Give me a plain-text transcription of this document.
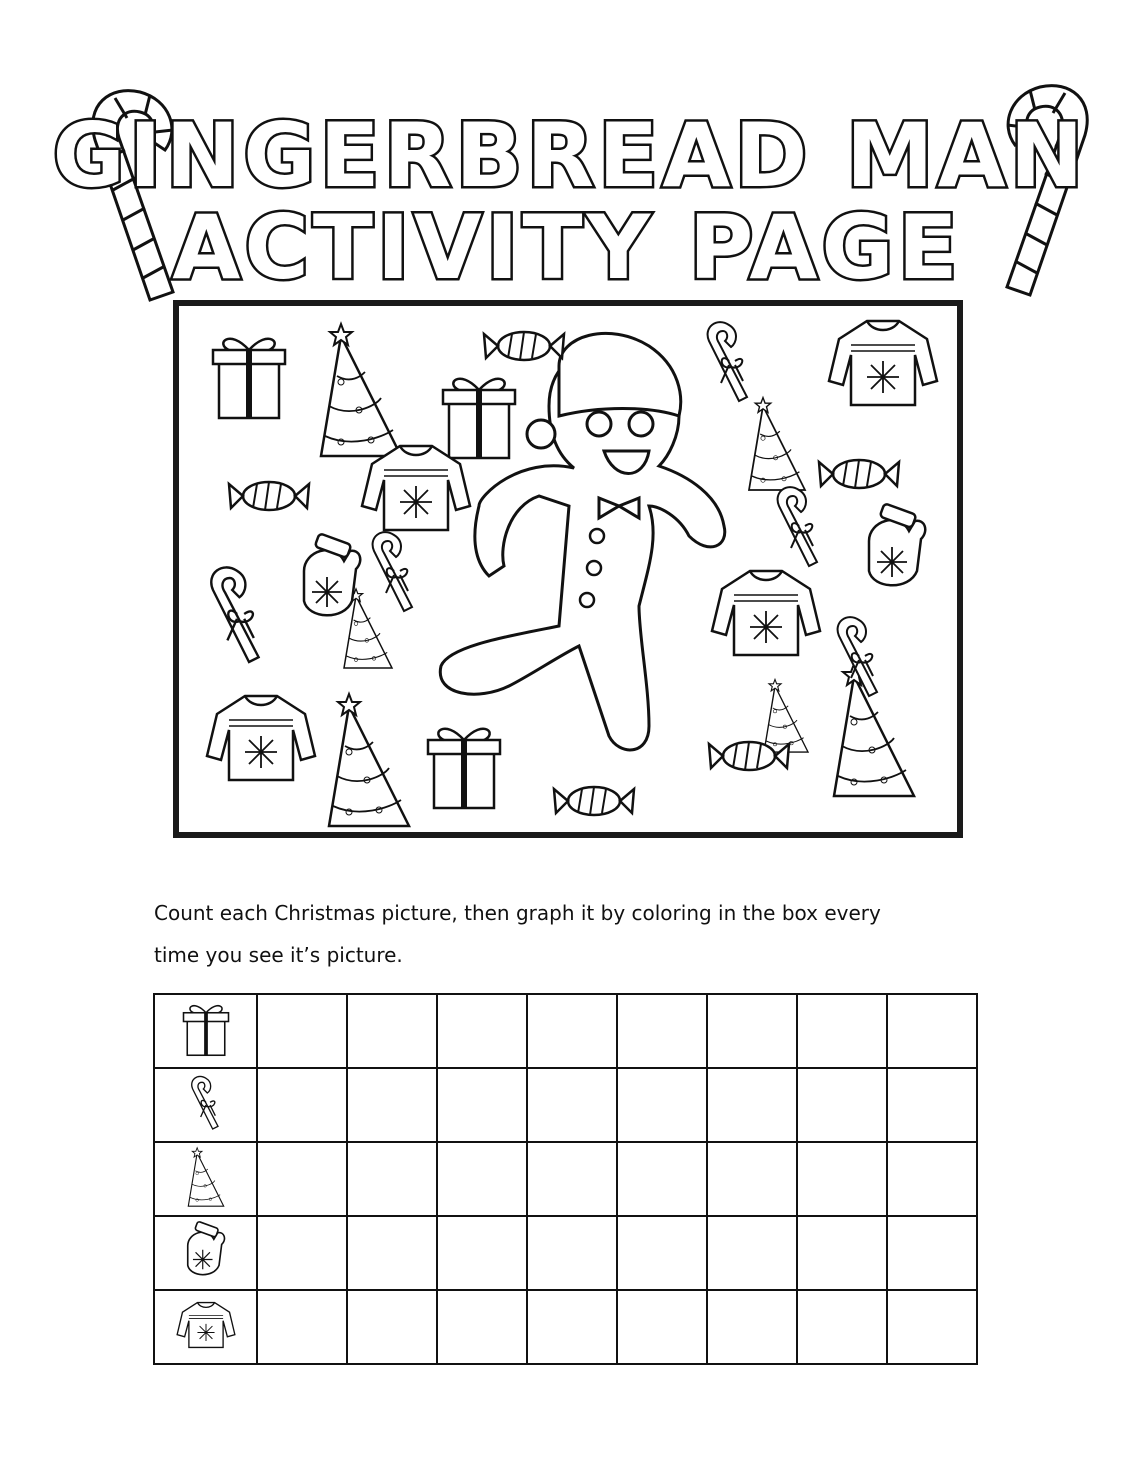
GINGERBREAD MAN
ACTIVITY PAGE
Count each Christmas picture, then graph it by coloring in the box every
time you see it’s picture.
